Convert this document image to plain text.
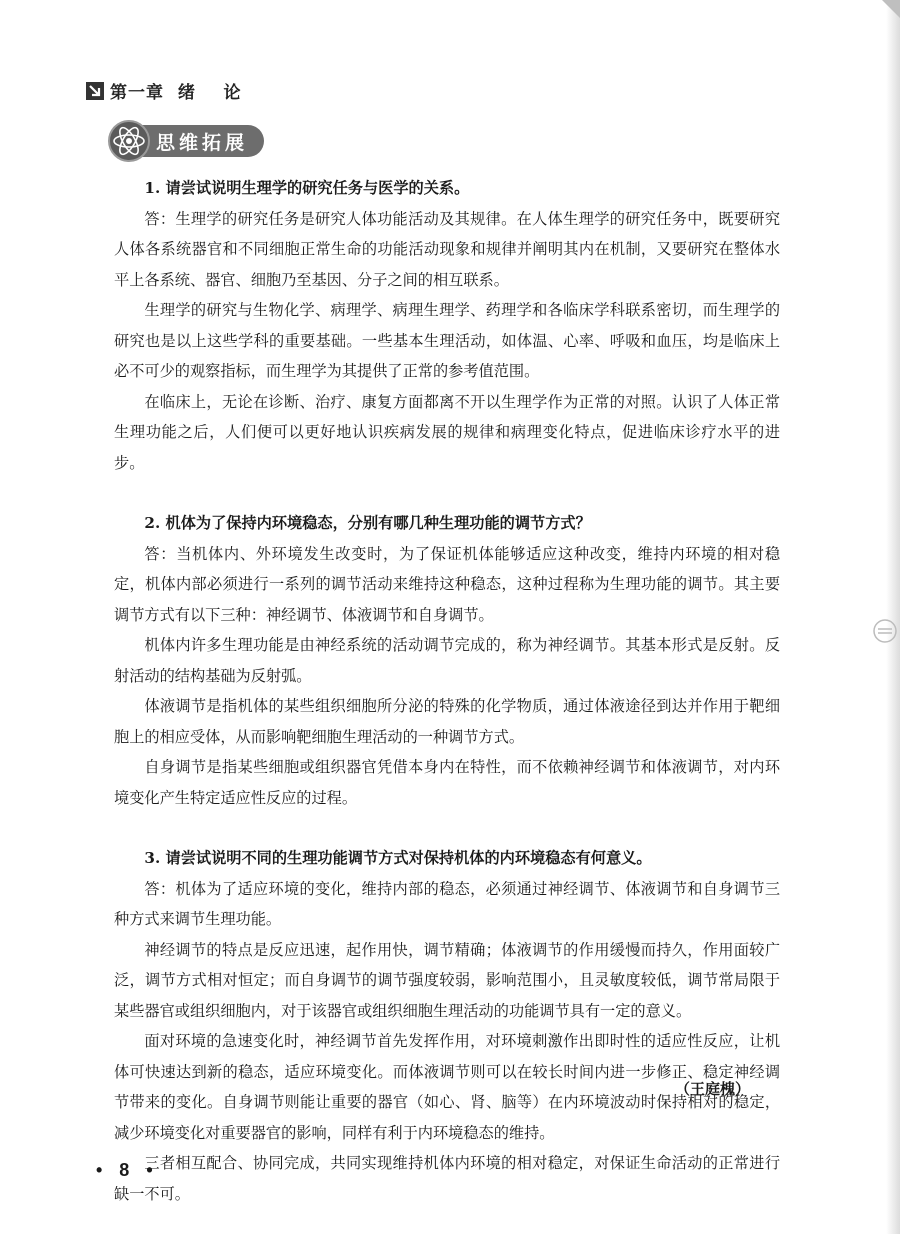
第一章  绪    论
思维拓展

1. 请尝试说明生理学的研究任务与医学的关系。

答：生理学的研究任务是研究人体功能活动及其规律。在人体生理学的研究任务中，既要研究人体各系统器官和不同细胞正常生命的功能活动现象和规律并阐明其内在机制，又要研究在整体水平上各系统、器官、细胞乃至基因、分子之间的相互联系。

生理学的研究与生物化学、病理学、病理生理学、药理学和各临床学科联系密切，而生理学的研究也是以上这些学科的重要基础。一些基本生理活动，如体温、心率、呼吸和血压，均是临床上必不可少的观察指标，而生理学为其提供了正常的参考值范围。

在临床上，无论在诊断、治疗、康复方面都离不开以生理学作为正常的对照。认识了人体正常生理功能之后，人们便可以更好地认识疾病发展的规律和病理变化特点，促进临床诊疗水平的进步。

2. 机体为了保持内环境稳态，分别有哪几种生理功能的调节方式？

答：当机体内、外环境发生改变时，为了保证机体能够适应这种改变，维持内环境的相对稳定，机体内部必须进行一系列的调节活动来维持这种稳态，这种过程称为生理功能的调节。其主要调节方式有以下三种：神经调节、体液调节和自身调节。

机体内许多生理功能是由神经系统的活动调节完成的，称为神经调节。其基本形式是反射。反射活动的结构基础为反射弧。

体液调节是指机体的某些组织细胞所分泌的特殊的化学物质，通过体液途径到达并作用于靶细胞上的相应受体，从而影响靶细胞生理活动的一种调节方式。

自身调节是指某些细胞或组织器官凭借本身内在特性，而不依赖神经调节和体液调节，对内环境变化产生特定适应性反应的过程。

3. 请尝试说明不同的生理功能调节方式对保持机体的内环境稳态有何意义。

答：机体为了适应环境的变化，维持内部的稳态，必须通过神经调节、体液调节和自身调节三种方式来调节生理功能。

神经调节的特点是反应迅速，起作用快，调节精确；体液调节的作用缓慢而持久，作用面较广泛，调节方式相对恒定；而自身调节的调节强度较弱，影响范围小，且灵敏度较低，调节常局限于某些器官或组织细胞内，对于该器官或组织细胞生理活动的功能调节具有一定的意义。

面对环境的急速变化时，神经调节首先发挥作用，对环境刺激作出即时性的适应性反应，让机体可快速达到新的稳态，适应环境变化。而体液调节则可以在较长时间内进一步修正、稳定神经调节带来的变化。自身调节则能让重要的器官（如心、肾、脑等）在内环境波动时保持相对的稳定，减少环境变化对重要器官的影响，同样有利于内环境稳态的维持。

三者相互配合、协同完成，共同实现维持机体内环境的相对稳定，对保证生命活动的正常进行缺一不可。

（王庭槐）
• 8 •
